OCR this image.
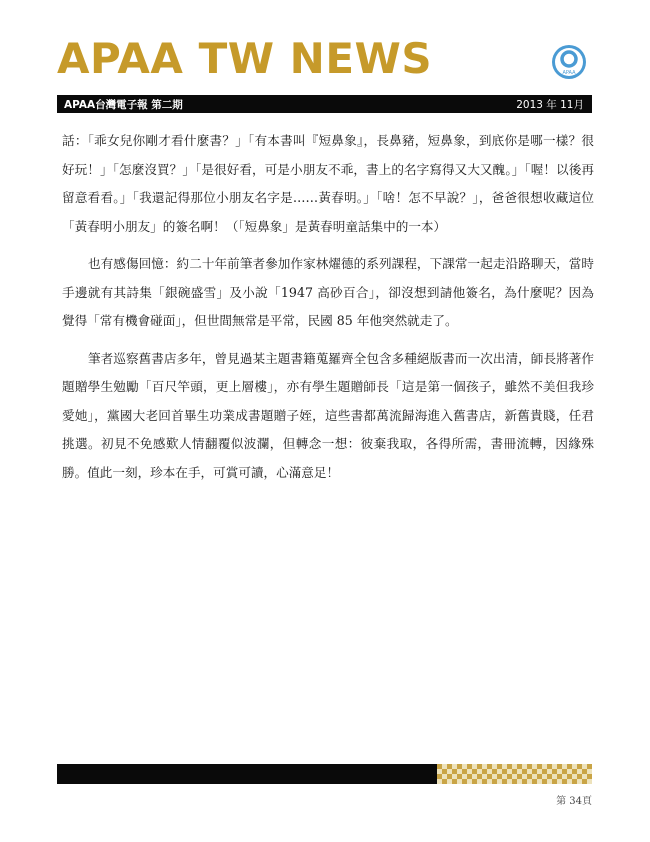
APAA TW NEWS	APAA
APAA台灣電子報 第二期	2013 年 11月

話：「乖女兒你剛才看什麼書？」「有本書叫『短鼻象』，長鼻豬，短鼻象，到底你是哪一樣？很好玩！」「怎麼沒買？」「是很好看，可是小朋友不乖，書上的名字寫得又大又醜。」「喔！以後再留意看看。」「我還記得那位小朋友名字是……黃春明。」「啥！怎不早說？」，爸爸很想收藏這位「黃春明小朋友」的簽名啊！（「短鼻象」是黃春明童話集中的一本）

也有感傷回憶：約二十年前筆者參加作家林燿德的系列課程，下課常一起走沿路聊天，當時手邊就有其詩集「銀碗盛雪」及小說「1947 高砂百合」，卻沒想到請他簽名，為什麼呢？因為覺得「常有機會碰面」，但世間無常是平常，民國 85 年他突然就走了。

筆者巡察舊書店多年，曾見過某主題書籍蒐羅齊全包含多種絕版書而一次出清，師長將著作題贈學生勉勵「百尺竿頭，更上層樓」，亦有學生題贈師長「這是第一個孩子，雖然不美但我珍愛她」，黨國大老回首畢生功業成書題贈子姪，這些書都萬流歸海進入舊書店，新舊貴賤，任君挑選。初見不免感歎人情翻覆似波瀾，但轉念一想：彼棄我取，各得所需，書冊流轉，因緣殊勝。值此一刻，珍本在手，可賞可讀，心滿意足！

第 34頁
